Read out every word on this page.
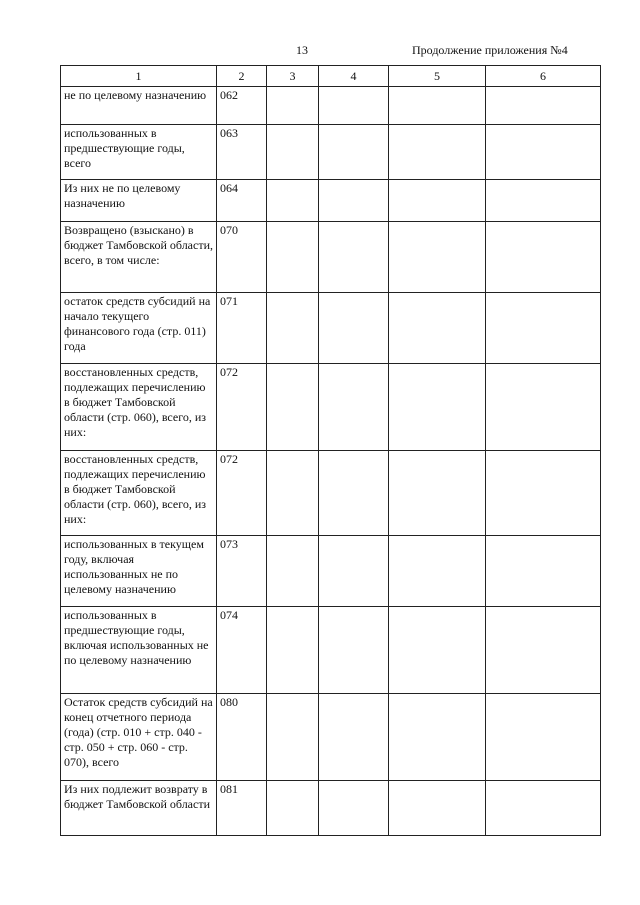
13	Продолжение приложения №4
1	2	3	4	5	6
не по целевому назначению	062				
использованных в предшествующие годы, всего	063				
Из них не по целевому назначению	064				
Возвращено (взыскано) в бюджет Тамбовской области, всего, в том числе:	070				
остаток средств субсидий на начало текущего финансового года (стр. 011) года	071				
восстановленных средств, подлежащих перечислению в бюджет Тамбовской области (стр. 060), всего, из них:	072				
восстановленных средств, подлежащих перечислению в бюджет Тамбовской области (стр. 060), всего, из них:	072				
использованных в текущем году, включая использованных не по целевому назначению	073				
использованных в предшествующие годы, включая использованных не по целевому назначению	074				
Остаток средств субсидий на конец отчетного периода (года) (стр. 010 + стр. 040 - стр. 050 + стр. 060 - стр. 070), всего	080				
Из них подлежит возврату в бюджет Тамбовской области	081				
